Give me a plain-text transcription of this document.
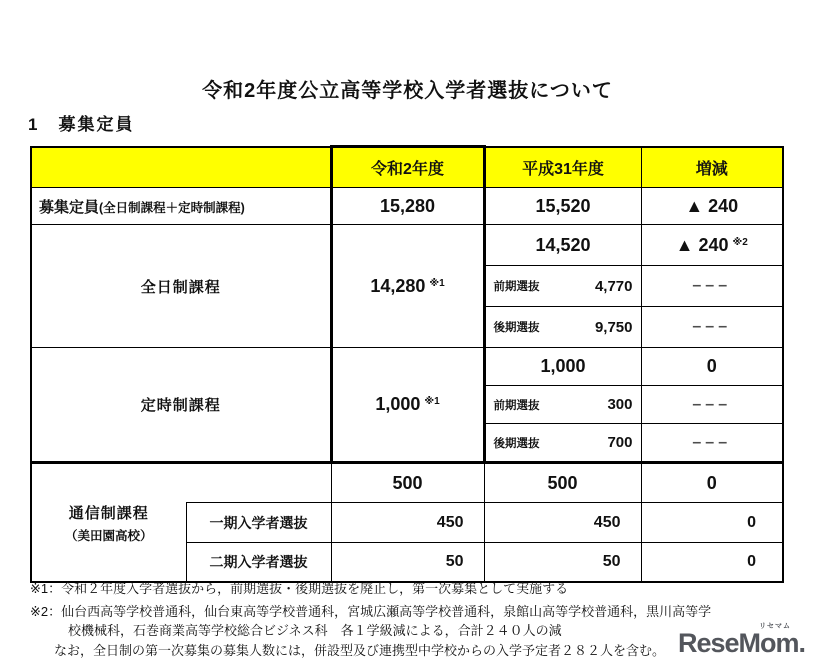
令和2年度公立高等学校入学者選抜について
1　募集定員
	令和2年度	平成31年度	増減
募集定員(全日制課程＋定時制課程)	15,280	15,520	▲ 240
全日制課程	14,280 $^{※1}$	14,520	▲ 240 $^{※2}$

		前期選抜 4,770	–––

		後期選抜 9,750	–––
定時制課程	1,000 $^{※1}$	1,000	0

		前期選抜 300	–––

		後期選抜 700	–––
通信制課程
（美田園高校）		500	500	0
	一期入学者選抜	450	450	0
	二期入学者選抜	50	50	0
※1：令和２年度入学者選抜から，前期選抜・後期選抜を廃止し，第一次募集として実施する
※2：仙台西高等学校普通科，仙台東高等学校普通科，宮城広瀬高等学校普通科，泉館山高等学校普通科，黒川高等学
校機械科，石巻商業高等学校総合ビジネス科　各１学級減による，合計２４０人の減
なお，全日制の第一次募集の募集人数には，併設型及び連携型中学校からの入学予定者２８２人を含む。
リセマム
ReseMom.
